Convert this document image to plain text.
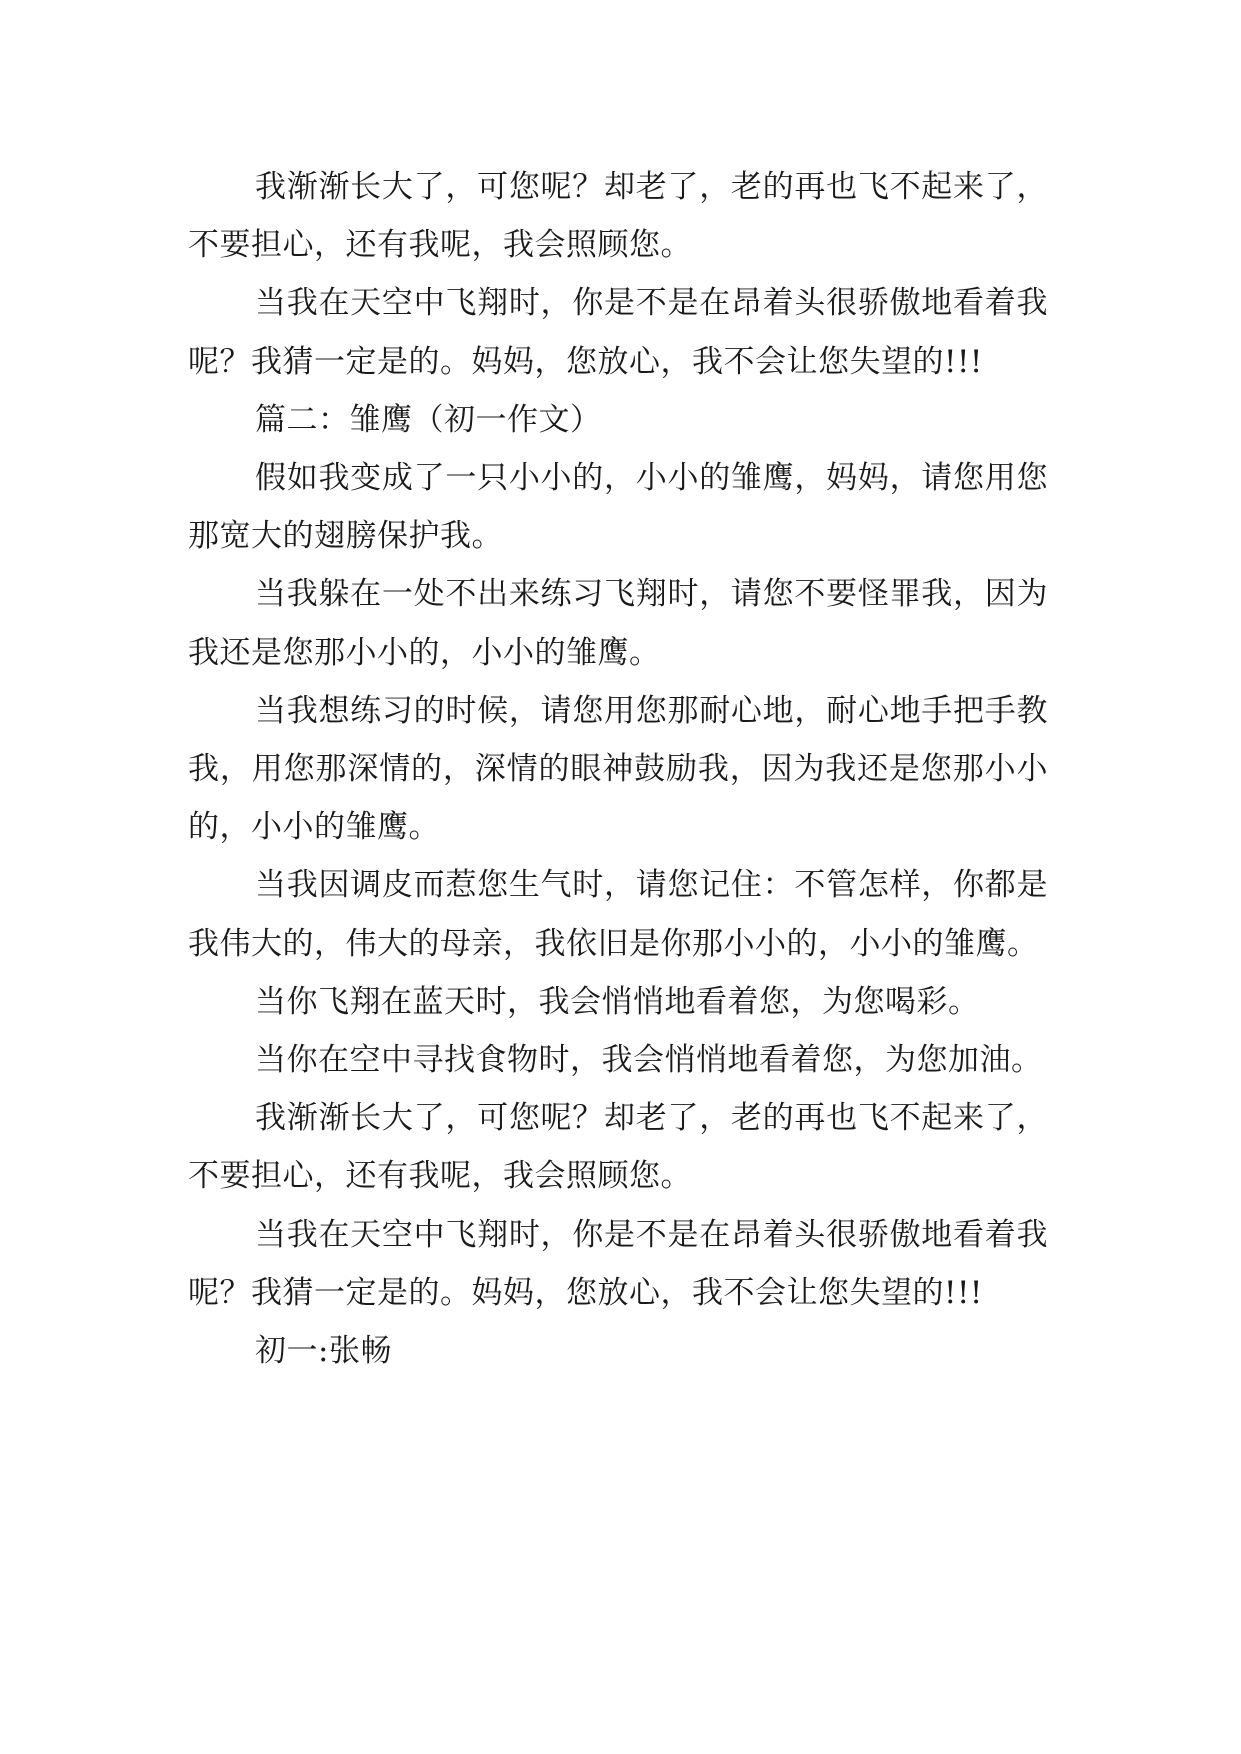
我渐渐长大了，可您呢？却老了，老的再也飞不起来了，不要担心，还有我呢，我会照顾您。

当我在天空中飞翔时，你是不是在昂着头很骄傲地看着我呢？我猜一定是的。妈妈，您放心，我不会让您失望的!!!

篇二：雏鹰（初一作文）

假如我变成了一只小小的，小小的雏鹰，妈妈，请您用您那宽大的翅膀保护我。

当我躲在一处不出来练习飞翔时，请您不要怪罪我，因为我还是您那小小的，小小的雏鹰。

当我想练习的时候，请您用您那耐心地，耐心地手把手教我，用您那深情的，深情的眼神鼓励我，因为我还是您那小小的，小小的雏鹰。

当我因调皮而惹您生气时，请您记住：不管怎样，你都是我伟大的，伟大的母亲，我依旧是你那小小的，小小的雏鹰。

当你飞翔在蓝天时，我会悄悄地看着您，为您喝彩。

当你在空中寻找食物时，我会悄悄地看着您，为您加油。

我渐渐长大了，可您呢？却老了，老的再也飞不起来了，不要担心，还有我呢，我会照顾您。

当我在天空中飞翔时，你是不是在昂着头很骄傲地看着我呢？我猜一定是的。妈妈，您放心，我不会让您失望的!!!

初一:张畅
